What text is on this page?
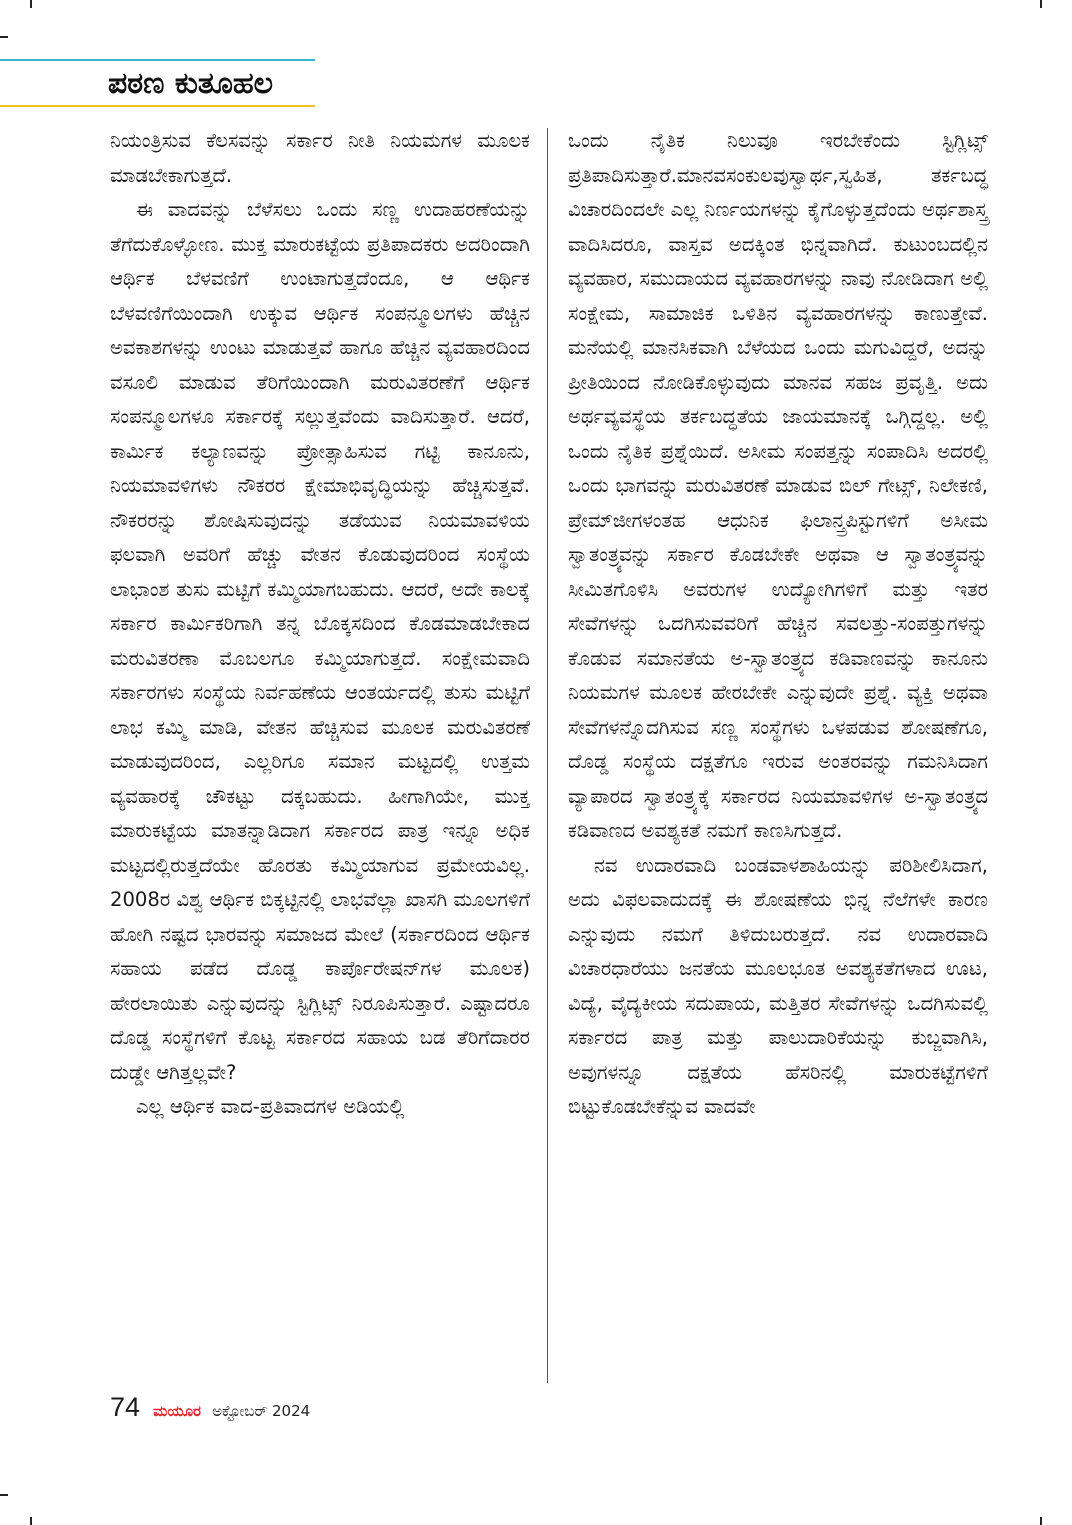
ಪಠಣ ಕುತೂಹಲ

ನಿಯಂತ್ರಿಸುವ ಕೆಲಸವನ್ನು ಸರ್ಕಾರ ನೀತಿ ನಿಯಮಗಳ ಮೂಲಕ ಮಾಡಬೇಕಾಗುತ್ತದೆ.

ಈ ವಾದವನ್ನು ಬೆಳೆಸಲು ಒಂದು ಸಣ್ಣ ಉದಾಹರಣೆಯನ್ನು ತೆಗೆದುಕೊಳ್ಳೋಣ. ಮುಕ್ತ ಮಾರುಕಟ್ಟೆಯ ಪ್ರತಿಪಾದಕರು ಅದರಿಂದಾಗಿ ಆರ್ಥಿಕ ಬೆಳವಣಿಗೆ ಉಂಟಾಗುತ್ತದೆಂದೂ, ಆ ಆರ್ಥಿಕ ಬೆಳವಣಿಗೆಯಿಂದಾಗಿ ಉಕ್ಕುವ ಆರ್ಥಿಕ ಸಂಪನ್ಮೂಲಗಳು ಹೆಚ್ಚಿನ ಅವಕಾಶಗಳನ್ನು ಉಂಟು ಮಾಡುತ್ತವೆ ಹಾಗೂ ಹೆಚ್ಚಿನ ವ್ಯವಹಾರದಿಂದ ವಸೂಲಿ ಮಾಡುವ ತೆರಿಗೆಯಿಂದಾಗಿ ಮರುವಿತರಣೆಗೆ ಆರ್ಥಿಕ ಸಂಪನ್ಮೂಲಗಳೂ ಸರ್ಕಾರಕ್ಕೆ ಸಲ್ಲುತ್ತವೆಂದು ವಾದಿಸುತ್ತಾರೆ. ಆದರೆ, ಕಾರ್ಮಿಕ ಕಲ್ಯಾಣವನ್ನು ಪ್ರೋತ್ಸಾಹಿಸುವ ಗಟ್ಟಿ ಕಾನೂನು, ನಿಯಮಾವಳಿಗಳು ನೌಕರರ ಕ್ಷೇಮಾಭಿವೃದ್ಧಿಯನ್ನು ಹೆಚ್ಚಿಸುತ್ತವೆ. ನೌಕರರನ್ನು ಶೋಷಿಸುವುದನ್ನು ತಡೆಯುವ ನಿಯಮಾವಳಿಯ ಫಲವಾಗಿ ಅವರಿಗೆ ಹೆಚ್ಚು ವೇತನ ಕೊಡುವುದರಿಂದ ಸಂಸ್ಥೆಯ ಲಾಭಾಂಶ ತುಸು ಮಟ್ಟಿಗೆ ಕಮ್ಮಿಯಾಗಬಹುದು. ಆದರೆ, ಅದೇ ಕಾಲಕ್ಕೆ ಸರ್ಕಾರ ಕಾರ್ಮಿಕರಿಗಾಗಿ ತನ್ನ ಬೊಕ್ಕಸದಿಂದ ಕೊಡಮಾಡಬೇಕಾದ ಮರುವಿತರಣಾ ಮೊಬಲಗೂ ಕಮ್ಮಿಯಾಗುತ್ತದೆ. ಸಂಕ್ಷೇಮವಾದಿ ಸರ್ಕಾರಗಳು ಸಂಸ್ಥೆಯ ನಿರ್ವಹಣೆಯ ಆಂತರ್ಯದಲ್ಲಿ ತುಸು ಮಟ್ಟಿಗೆ ಲಾಭ ಕಮ್ಮಿ ಮಾಡಿ, ವೇತನ ಹೆಚ್ಚಿಸುವ ಮೂಲಕ ಮರುವಿತರಣೆ ಮಾಡುವುದರಿಂದ, ಎಲ್ಲರಿಗೂ ಸಮಾನ ಮಟ್ಟದಲ್ಲಿ ಉತ್ತಮ ವ್ಯವಹಾರಕ್ಕೆ ಚೌಕಟ್ಟು ದಕ್ಕಬಹುದು. ಹೀಗಾಗಿಯೇ, ಮುಕ್ತ ಮಾರುಕಟ್ಟೆಯ ಮಾತನ್ನಾಡಿದಾಗ ಸರ್ಕಾರದ ಪಾತ್ರ ಇನ್ನೂ ಅಧಿಕ ಮಟ್ಟದಲ್ಲಿರುತ್ತದೆಯೇ ಹೊರತು ಕಮ್ಮಿಯಾಗುವ ಪ್ರಮೇಯವಿಲ್ಲ. 2008ರ ವಿಶ್ವ ಆರ್ಥಿಕ ಬಿಕ್ಕಟ್ಟಿನಲ್ಲಿ ಲಾಭವೆಲ್ಲಾ ಖಾಸಗಿ ಮೂಲಗಳಿಗೆ ಹೋಗಿ ನಷ್ಟದ ಭಾರವನ್ನು ಸಮಾಜದ ಮೇಲೆ (ಸರ್ಕಾರದಿಂದ ಆರ್ಥಿಕ ಸಹಾಯ ಪಡೆದ ದೊಡ್ಡ ಕಾರ್ಪೊರೇಷನ್‌ಗಳ ಮೂಲಕ) ಹೇರಲಾಯಿತು ಎನ್ನುವುದನ್ನು ಸ್ಟಿಗ್ಲಿಟ್ಸ್ ನಿರೂಪಿಸುತ್ತಾರೆ. ಎಷ್ಟಾದರೂ ದೊಡ್ಡ ಸಂಸ್ಥೆಗಳಿಗೆ ಕೊಟ್ಟ ಸರ್ಕಾರದ ಸಹಾಯ ಬಡ ತೆರಿಗೆದಾರರ ದುಡ್ಡೇ ಆಗಿತ್ತಲ್ಲವೇ?

ಎಲ್ಲ ಆರ್ಥಿಕ ವಾದ-ಪ್ರತಿವಾದಗಳ ಅಡಿಯಲ್ಲಿ

ಒಂದು ನೈತಿಕ ನಿಲುವೂ ಇರಬೇಕೆಂದು ಸ್ಟಿಗ್ಲಿಟ್ಸ್ ಪ್ರತಿಪಾದಿಸುತ್ತಾರೆ.ಮಾನವಸಂಕುಲವುಸ್ವಾರ್ಥ,ಸ್ವಹಿತ, ತರ್ಕಬದ್ಧ ವಿಚಾರದಿಂದಲೇ ಎಲ್ಲ ನಿರ್ಣಯಗಳನ್ನು ಕೈಗೊಳ್ಳುತ್ತದೆಂದು ಅರ್ಥಶಾಸ್ತ್ರ ವಾದಿಸಿದರೂ, ವಾಸ್ತವ ಅದಕ್ಕಿಂತ ಭಿನ್ನವಾಗಿದೆ. ಕುಟುಂಬದಲ್ಲಿನ ವ್ಯವಹಾರ, ಸಮುದಾಯದ ವ್ಯವಹಾರಗಳನ್ನು ನಾವು ನೋಡಿದಾಗ ಅಲ್ಲಿ ಸಂಕ್ಷೇಮ, ಸಾಮಾಜಿಕ ಒಳಿತಿನ ವ್ಯವಹಾರಗಳನ್ನು ಕಾಣುತ್ತೇವೆ. ಮನೆಯಲ್ಲಿ ಮಾನಸಿಕವಾಗಿ ಬೆಳೆಯದ ಒಂದು ಮಗುವಿದ್ದರೆ, ಅದನ್ನು ಪ್ರೀತಿಯಿಂದ ನೋಡಿಕೊಳ್ಳುವುದು ಮಾನವ ಸಹಜ ಪ್ರವೃತ್ತಿ. ಅದು ಅರ್ಥವ್ಯವಸ್ಥೆಯ ತರ್ಕಬದ್ಧತೆಯ ಜಾಯಮಾನಕ್ಕೆ ಒಗ್ಗಿದ್ದಲ್ಲ. ಅಲ್ಲಿ ಒಂದು ನೈತಿಕ ಪ್ರಶ್ನೆಯಿದೆ. ಅಸೀಮ ಸಂಪತ್ತನ್ನು ಸಂಪಾದಿಸಿ ಅದರಲ್ಲಿ ಒಂದು ಭಾಗವನ್ನು ಮರುವಿತರಣೆ ಮಾಡುವ ಬಿಲ್ ಗೇಟ್ಸ್, ನಿಲೇಕಣಿ, ಪ್ರೇಮ್‌ಜೀಗಳಂತಹ ಆಧುನಿಕ ಫಿಲಾನ್ತ್ರಪಿಸ್ಟುಗಳಿಗೆ ಅಸೀಮ ಸ್ವಾತಂತ್ರ್ಯವನ್ನು ಸರ್ಕಾರ ಕೊಡಬೇಕೇ ಅಥವಾ ಆ ಸ್ವಾತಂತ್ರ್ಯವನ್ನು ಸೀಮಿತಗೊಳಿಸಿ ಅವರುಗಳ ಉದ್ಯೋಗಿಗಳಿಗೆ ಮತ್ತು ಇತರ ಸೇವೆಗಳನ್ನು ಒದಗಿಸುವವರಿಗೆ ಹೆಚ್ಚಿನ ಸವಲತ್ತು-ಸಂಪತ್ತುಗಳನ್ನು ಕೊಡುವ ಸಮಾನತೆಯ ಅ-ಸ್ವಾತಂತ್ರ್ಯದ ಕಡಿವಾಣವನ್ನು ಕಾನೂನು ನಿಯಮಗಳ ಮೂಲಕ ಹೇರಬೇಕೇ ಎನ್ನುವುದೇ ಪ್ರಶ್ನೆ. ವ್ಯಕ್ತಿ ಅಥವಾ ಸೇವೆಗಳನ್ನೊದಗಿಸುವ ಸಣ್ಣ ಸಂಸ್ಥೆಗಳು ಒಳಪಡುವ ಶೋಷಣೆಗೂ, ದೊಡ್ಡ ಸಂಸ್ಥೆಯ ದಕ್ಷತೆಗೂ ಇರುವ ಅಂತರವನ್ನು ಗಮನಿಸಿದಾಗ ವ್ಯಾಪಾರದ ಸ್ವಾತಂತ್ರ್ಯಕ್ಕೆ ಸರ್ಕಾರದ ನಿಯಮಾವಳಿಗಳ ಅ-ಸ್ವಾತಂತ್ರ್ಯದ ಕಡಿವಾಣದ ಅವಶ್ಯಕತೆ ನಮಗೆ ಕಾಣಸಿಗುತ್ತದೆ.

ನವ ಉದಾರವಾದಿ ಬಂಡವಾಳಶಾಹಿಯನ್ನು ಪರಿಶೀಲಿಸಿದಾಗ, ಅದು ವಿಫಲವಾದುದಕ್ಕೆ ಈ ಶೋಷಣೆಯ ಭಿನ್ನ ನೆಲೆಗಳೇ ಕಾರಣ ಎನ್ನುವುದು ನಮಗೆ ತಿಳಿದುಬರುತ್ತದೆ. ನವ ಉದಾರವಾದಿ ವಿಚಾರಧಾರೆಯು ಜನತೆಯ ಮೂಲಭೂತ ಅವಶ್ಯಕತೆಗಳಾದ ಊಟ, ವಿದ್ಯೆ, ವೈದ್ಯಕೀಯ ಸದುಪಾಯ, ಮತ್ತಿತರ ಸೇವೆಗಳನ್ನು ಒದಗಿಸುವಲ್ಲಿ ಸರ್ಕಾರದ ಪಾತ್ರ ಮತ್ತು ಪಾಲುದಾರಿಕೆಯನ್ನು ಕುಬ್ಜವಾಗಿಸಿ, ಅವುಗಳನ್ನೂ ದಕ್ಷತೆಯ ಹೆಸರಿನಲ್ಲಿ ಮಾರುಕಟ್ಟೆಗಳಿಗೆ ಬಿಟ್ಟುಕೊಡಬೇಕೆನ್ನುವ ವಾದವೇ

74 ಮಯೂರ ಅಕ್ಟೋಬರ್ 2024
